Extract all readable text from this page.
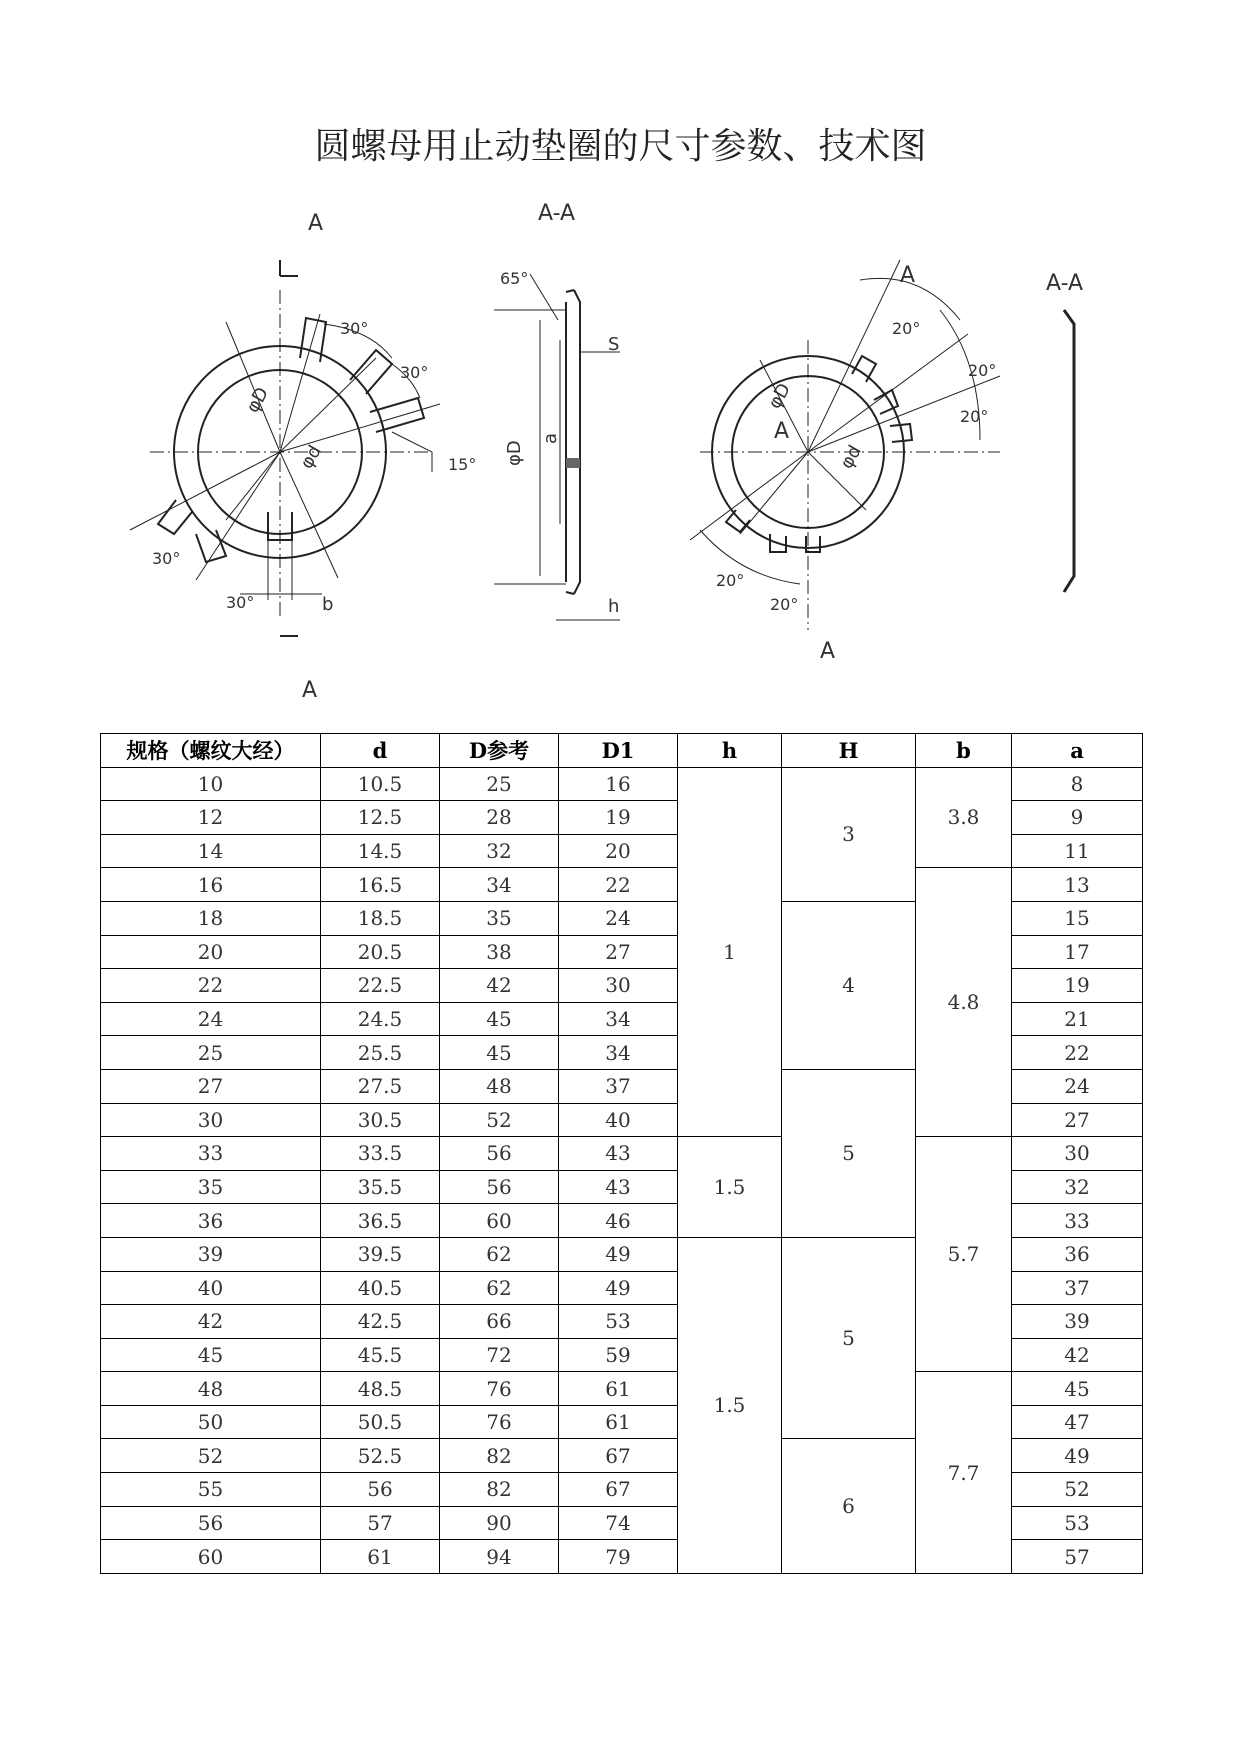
圆螺母用止动垫圈的尺寸参数、技术图
A
A
30°
30°
15°
30°
30°	b
φD
φd
A-A
65°
φD
a
S
h
A
A
A
20°
20°
20°
20°
20°
φD
φd
A-A
规格（螺纹大经）	d	D参考	D1	h	H	b	a
10	10.5	25	16	1	3	3.8	8
12	12.5	28	19				9
14	14.5	32	20				11
16	16.5	34	22			4.8	13
18	18.5	35	24		4		15
20	20.5	38	27				17
22	22.5	42	30				19
24	24.5	45	34				21
25	25.5	45	34				22
27	27.5	48	37		5		24
30	30.5	52	40				27
33	33.5	56	43	1.5		5.7	30
35	35.5	56	43				32
36	36.5	60	46				33
39	39.5	62	49	1.5	5		36
40	40.5	62	49				37
42	42.5	66	53				39
45	45.5	72	59				42
48	48.5	76	61			7.7	45
50	50.5	76	61				47
52	52.5	82	67		6		49
55	56	82	67				52
56	57	90	74				53
60	61	94	79				57
